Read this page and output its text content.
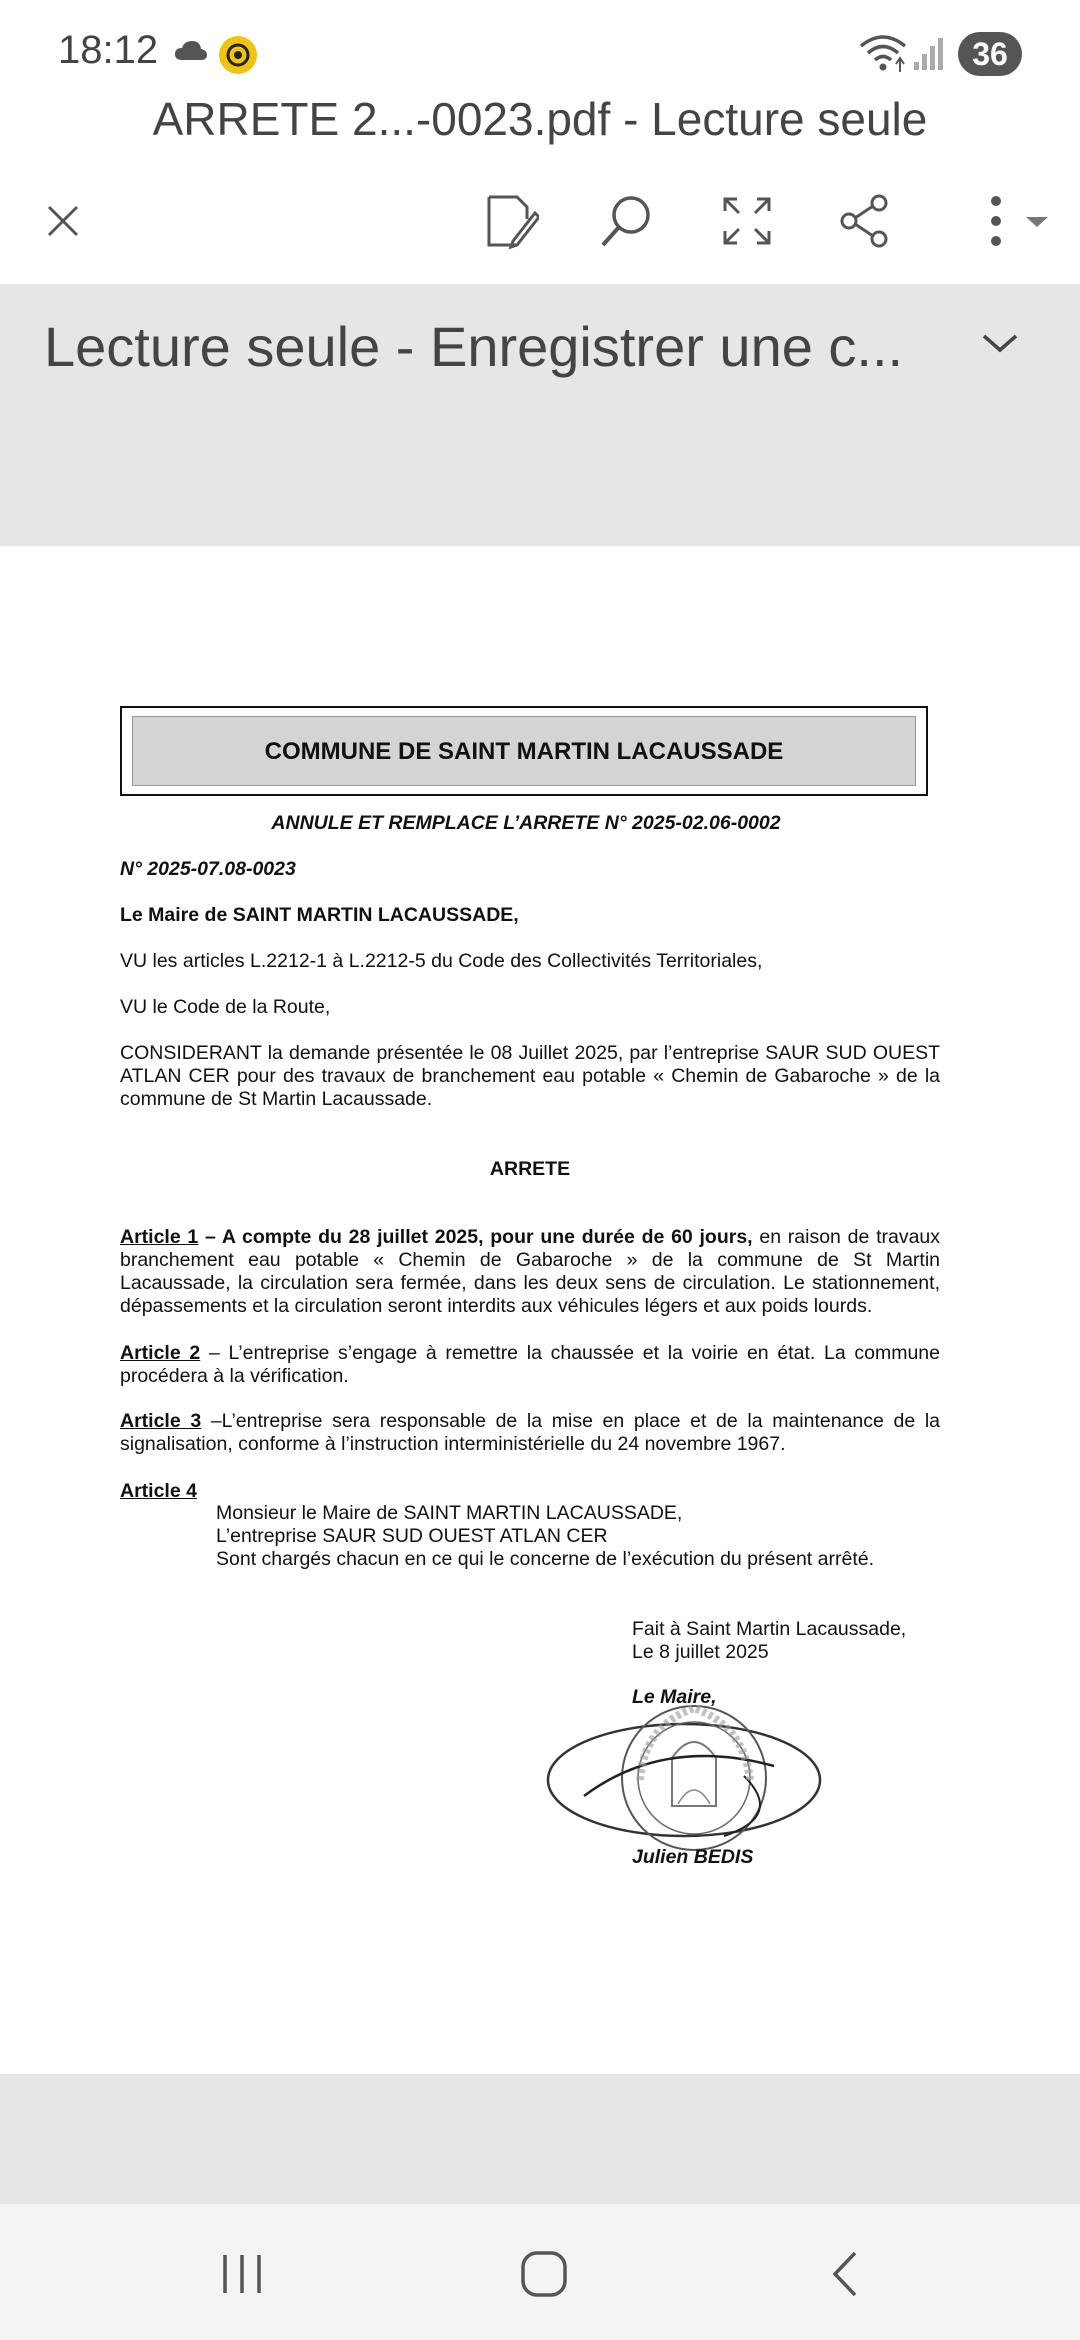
18:12	36
ARRETE 2...-0023.pdf - Lecture seule
Lecture seule - Enregistrer une c...
COMMUNE DE SAINT MARTIN LACAUSSADE
ANNULE ET REMPLACE L’ARRETE N° 2025-02.06-0002
N° 2025-07.08-0023
Le Maire de SAINT MARTIN LACAUSSADE,
VU les articles L.2212-1 à L.2212-5 du Code des Collectivités Territoriales,
VU le Code de la Route,
CONSIDERANT la demande présentée le 08 Juillet 2025, par l’entreprise SAUR SUD OUEST ATLAN CER pour des travaux de branchement eau potable « Chemin de Gabaroche » de la commune de St Martin Lacaussade.
ARRETE
Article 1 – A compte du 28 juillet 2025, pour une durée de 60 jours, en raison de travaux branchement eau potable « Chemin de Gabaroche » de la commune de St Martin Lacaussade, la circulation sera fermée, dans les deux sens de circulation. Le stationnement, dépassements et la circulation seront interdits aux véhicules légers et aux poids lourds.
Article 2 – L’entreprise s’engage à remettre la chaussée et la voirie en état. La commune procédera à la vérification.
Article 3 –L’entreprise sera responsable de la mise en place et de la maintenance de la signalisation, conforme à l’instruction interministérielle du 24 novembre 1967.
Article 4
Monsieur le Maire de SAINT MARTIN LACAUSSADE,
L’entreprise SAUR SUD OUEST ATLAN CER
Sont chargés chacun en ce qui le concerne de l’exécution du présent arrêté.
Fait à Saint Martin Lacaussade,
Le 8 juillet 2025
Le Maire,
Julien BEDIS
